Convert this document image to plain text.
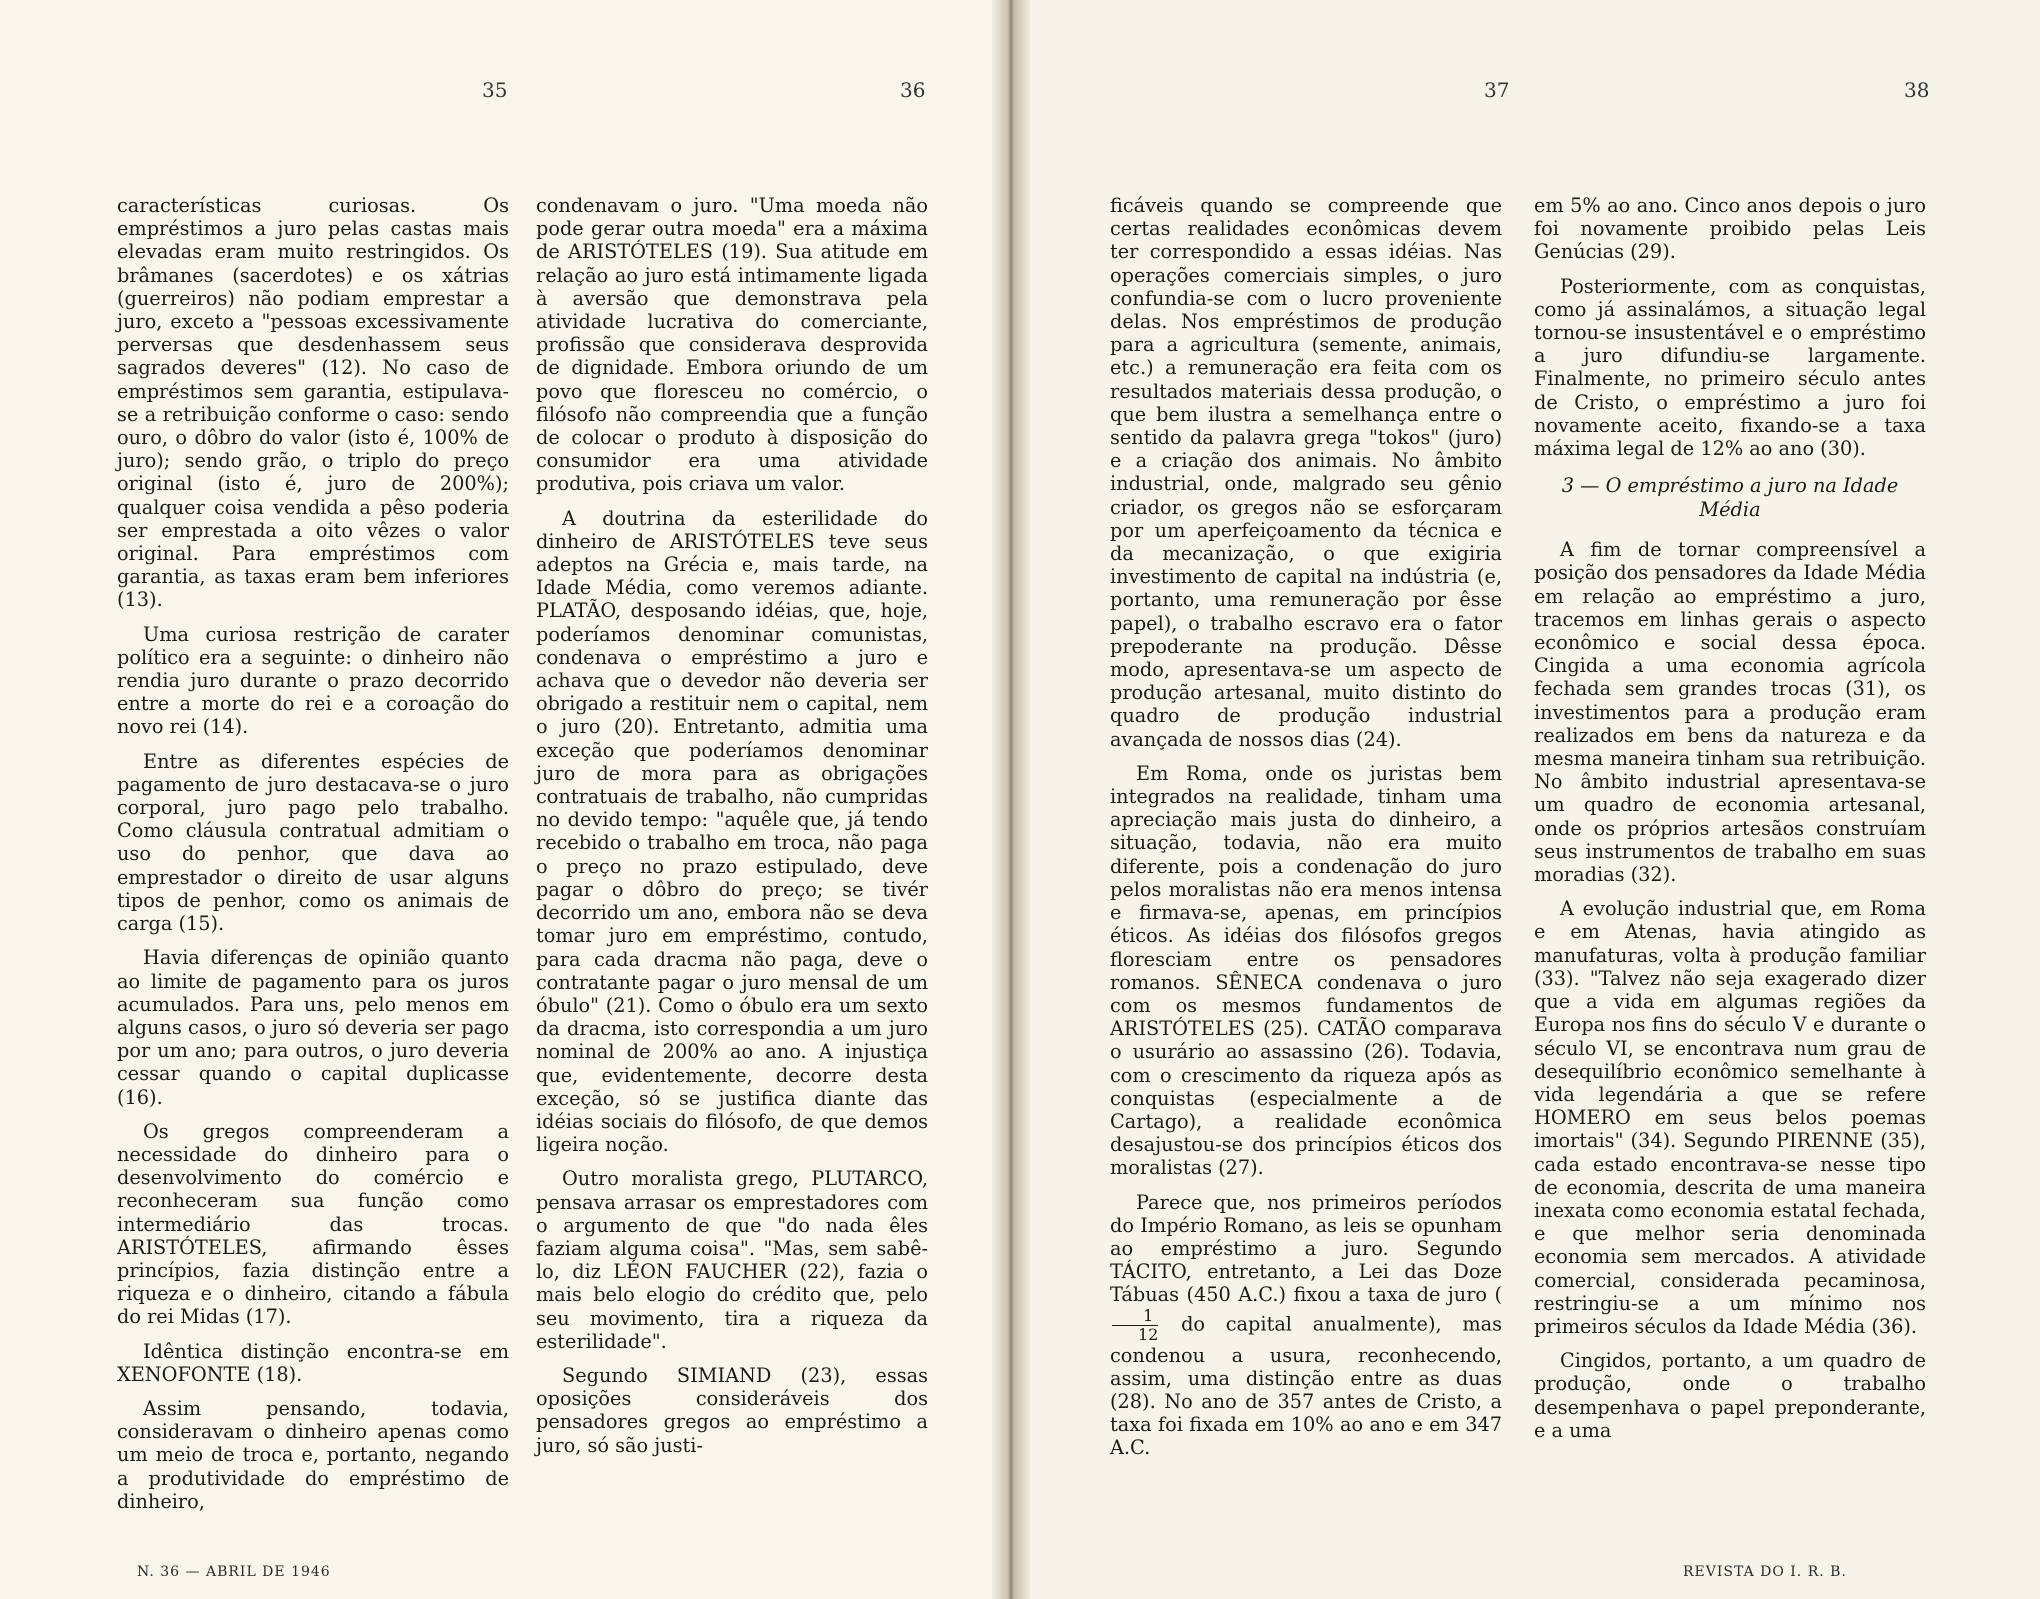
35	36	37	38

características curiosas. Os empréstimos a juro pelas castas mais elevadas eram muito restringidos. Os brâmanes (sacerdotes) e os xátrias (guerreiros) não podiam emprestar a juro, exceto a "pessoas excessivamente perversas que desdenhassem seus sagrados deveres" (12). No caso de empréstimos sem garantia, estipulava-se a retribuição conforme o caso: sendo ouro, o dôbro do valor (isto é, 100% de juro); sendo grão, o triplo do preço original (isto é, juro de 200%); qualquer coisa vendida a pêso poderia ser emprestada a oito vêzes o valor original. Para empréstimos com garantia, as taxas eram bem inferiores (13).

Uma curiosa restrição de carater político era a seguinte: o dinheiro não rendia juro durante o prazo decorrido entre a morte do rei e a coroação do novo rei (14).

Entre as diferentes espécies de pagamento de juro destacava-se o juro corporal, juro pago pelo trabalho. Como cláusula contratual admitiam o uso do penhor, que dava ao emprestador o direito de usar alguns tipos de penhor, como os animais de carga (15).

Havia diferenças de opinião quanto ao limite de pagamento para os juros acumulados. Para uns, pelo menos em alguns casos, o juro só deveria ser pago por um ano; para outros, o juro deveria cessar quando o capital duplicasse (16).

Os gregos compreenderam a necessidade do dinheiro para o desenvolvimento do comércio e reconheceram sua função como intermediário das trocas. ARISTÓTELES, afirmando êsses princípios, fazia distinção entre a riqueza e o dinheiro, citando a fábula do rei Midas (17).

Idêntica distinção encontra-se em XENOFONTE (18).

Assim pensando, todavia, consideravam o dinheiro apenas como um meio de troca e, portanto, negando a produtividade do empréstimo de dinheiro,

condenavam o juro. "Uma moeda não pode gerar outra moeda" era a máxima de ARISTÓTELES (19). Sua atitude em relação ao juro está intimamente ligada à aversão que demonstrava pela atividade lucrativa do comerciante, profissão que considerava desprovida de dignidade. Embora oriundo de um povo que floresceu no comércio, o filósofo não compreendia que a função de colocar o produto à disposição do consumidor era uma atividade produtiva, pois criava um valor.

A doutrina da esterilidade do dinheiro de ARISTÓTELES teve seus adeptos na Grécia e, mais tarde, na Idade Média, como veremos adiante. PLATÃO, desposando idéias, que, hoje, poderíamos denominar comunistas, condenava o empréstimo a juro e achava que o devedor não deveria ser obrigado a restituir nem o capital, nem o juro (20). Entretanto, admitia uma exceção que poderíamos denominar juro de mora para as obrigações contratuais de trabalho, não cumpridas no devido tempo: "aquêle que, já tendo recebido o trabalho em troca, não paga o preço no prazo estipulado, deve pagar o dôbro do preço; se tivér decorrido um ano, embora não se deva tomar juro em empréstimo, contudo, para cada dracma não paga, deve o contratante pagar o juro mensal de um óbulo" (21). Como o óbulo era um sexto da dracma, isto correspondia a um juro nominal de 200% ao ano. A injustiça que, evidentemente, decorre desta exceção, só se justifica diante das idéias sociais do filósofo, de que demos ligeira noção.

Outro moralista grego, PLUTARCO, pensava arrasar os emprestadores com o argumento de que "do nada êles faziam alguma coisa". "Mas, sem sabê-lo, diz LÉON FAUCHER (22), fazia o mais belo elogio do crédito que, pelo seu movimento, tira a riqueza da esterilidade".

Segundo SIMIAND (23), essas oposições consideráveis dos pensadores gregos ao empréstimo a juro, só são justi-

ficáveis quando se compreende que certas realidades econômicas devem ter correspondido a essas idéias. Nas operações comerciais simples, o juro confundia-se com o lucro proveniente delas. Nos empréstimos de produção para a agricultura (semente, animais, etc.) a remuneração era feita com os resultados materiais dessa produção, o que bem ilustra a semelhança entre o sentido da palavra grega "tokos" (juro) e a criação dos animais. No âmbito industrial, onde, malgrado seu gênio criador, os gregos não se esforçaram por um aperfeiçoamento da técnica e da mecanização, o que exigiria investimento de capital na indústria (e, portanto, uma remuneração por êsse papel), o trabalho escravo era o fator prepoderante na produção. Dêsse modo, apresentava-se um aspecto de produção artesanal, muito distinto do quadro de produção industrial avançada de nossos dias (24).

Em Roma, onde os juristas bem integrados na realidade, tinham uma apreciação mais justa do dinheiro, a situação, todavia, não era muito diferente, pois a condenação do juro pelos moralistas não era menos intensa e firmava-se, apenas, em princípios éticos. As idéias dos filósofos gregos floresciam entre os pensadores romanos. SÊNECA condenava o juro com os mesmos fundamentos de ARISTÓTELES (25). CATÃO comparava o usurário ao assassino (26). Todavia, com o crescimento da riqueza após as conquistas (especialmente a de Cartago), a realidade econômica desajustou-se dos princípios éticos dos moralistas (27).

Parece que, nos primeiros períodos do Império Romano, as leis se opunham ao empréstimo a juro. Segundo TÁCITO, entretanto, a Lei das Doze Tábuas (450 A.C.) fixou a taxa de juro (
$\frac{1}{12}$ do capital anualmente), mas condenou a usura, reconhecendo, assim, uma distinção entre as duas (28). No ano de 357 antes de Cristo, a taxa foi fixada em 10% ao ano e em 347 A.C.

em 5% ao ano. Cinco anos depois o juro foi novamente proibido pelas Leis Genúcias (29).

Posteriormente, com as conquistas, como já assinalámos, a situação legal tornou-se insustentável e o empréstimo a juro difundiu-se largamente. Finalmente, no primeiro século antes de Cristo, o empréstimo a juro foi novamente aceito, fixando-se a taxa máxima legal de 12% ao ano (30).

3 — O empréstimo a juro na Idade Média

A fim de tornar compreensível a posição dos pensadores da Idade Média em relação ao empréstimo a juro, tracemos em linhas gerais o aspecto econômico e social dessa época. Cingida a uma economia agrícola fechada sem grandes trocas (31), os investimentos para a produção eram realizados em bens da natureza e da mesma maneira tinham sua retribuição. No âmbito industrial apresentava-se um quadro de economia artesanal, onde os próprios artesãos construíam seus instrumentos de trabalho em suas moradias (32).

A evolução industrial que, em Roma e em Atenas, havia atingido as manufaturas, volta à produção familiar (33). "Talvez não seja exagerado dizer que a vida em algumas regiões da Europa nos fins do século V e durante o século VI, se encontrava num grau de desequilíbrio econômico semelhante à vida legendária a que se refere HOMERO em seus belos poemas imortais" (34). Segundo PIRENNE (35), cada estado encontrava-se nesse tipo de economia, descrita de uma maneira inexata como economia estatal fechada, e que melhor seria denominada economia sem mercados. A atividade comercial, considerada pecaminosa, restringiu-se a um mínimo nos primeiros séculos da Idade Média (36).

Cingidos, portanto, a um quadro de produção, onde o trabalho desempenhava o papel preponderante, e a uma

N. 36 — ABRIL DE 1946	REVISTA DO I. R. B.
